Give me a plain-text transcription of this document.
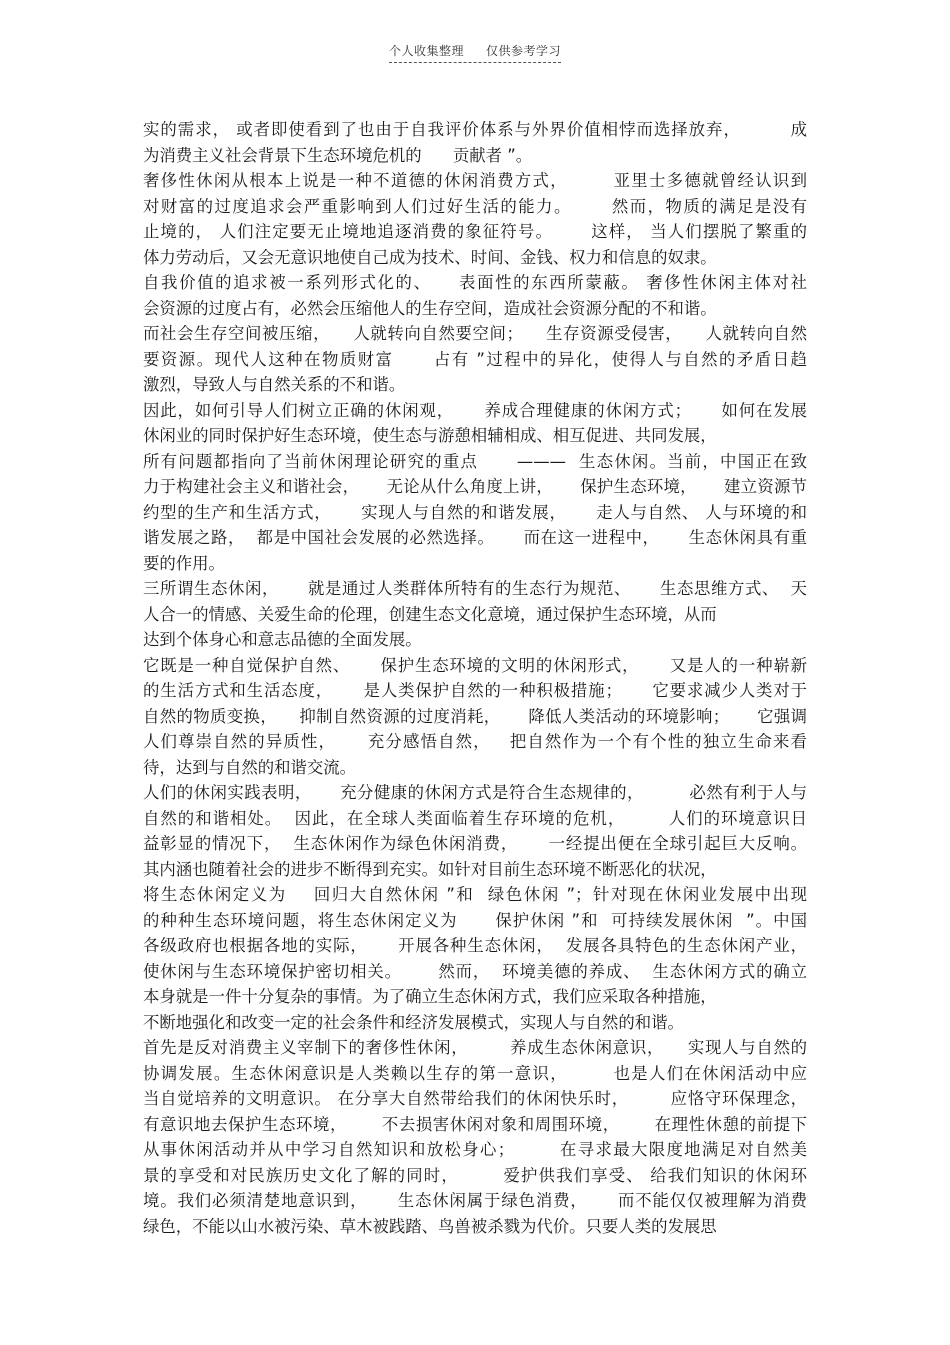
个人收集整理 仅供参考学习
实的需求， 或者即使看到了也由于自我评价体系与外界价值相悖而选择放弃，        成
为消费主义社会背景下生态环境危机的      贡献者 ”。
奢侈性休闲从根本上说是一种不道德的休闲消费方式，       亚里士多德就曾经认识到
对财富的过度追求会严重影响到人们过好生活的能力。      然而，物质的满足是没有
止境的， 人们注定要无止境地追逐消费的象征符号。      这样， 当人们摆脱了繁重的
体力劳动后，又会无意识地使自己成为技术、时间、金钱、权力和信息的奴隶。
自我价值的追求被一系列形式化的、    表面性的东西所蒙蔽。 奢侈性休闲主体对社
会资源的过度占有，必然会压缩他人的生存空间，造成社会资源分配的不和谐。
而社会生存空间被压缩，    人就转向自然要空间；    生存资源受侵害，    人就转向自然
要资源。现代人这种在物质财富      占有 ”过程中的异化，使得人与自然的矛盾日趋
激烈，导致人与自然关系的不和谐。
因此，如何引导人们树立正确的休闲观，     养成合理健康的休闲方式；     如何在发展
休闲业的同时保护好生态环境，使生态与游憩相辅相成、相互促进、共同发展，
所有问题都指向了当前休闲理论研究的重点      ———  生态休闲。当前，中国正在致
力于构建社会主义和谐社会，     无论从什么角度上讲，     保护生态环境，     建立资源节
约型的生产和生活方式，     实现人与自然的和谐发展，     走人与自然、 人与环境的和
谐发展之路，  都是中国社会发展的必然选择。     而在这一进程中，     生态休闲具有重
要的作用。
三所谓生态休闲，     就是通过人类群体所特有的生态行为规范、     生态思维方式、  天
人合一的情感、关爱生命的伦理，创建生态文化意境，通过保护生态环境，从而
达到个体身心和意志品德的全面发展。
它既是一种自觉保护自然、     保护生态环境的文明的休闲形式，     又是人的一种崭新
的生活方式和生活态度，     是人类保护自然的一种积极措施；     它要求减少人类对于
自然的物质变换，    抑制自然资源的过度消耗，     降低人类活动的环境影响；     它强调
人们尊崇自然的异质性，     充分感悟自然，   把自然作为一个有个性的独立生命来看
待，达到与自然的和谐交流。
人们的休闲实践表明，     充分健康的休闲方式是符合生态规律的，        必然有利于人与
自然的和谐相处。  因此，在全球人类面临着生存环境的危机，       人们的环境意识日
益彰显的情况下，  生态休闲作为绿色休闲消费，     一经提出便在全球引起巨大反响。
其内涵也随着社会的进步不断得到充实。如针对目前生态环境不断恶化的状况，
将生态休闲定义为    回归大自然休闲 ”和  绿色休闲 ”；针对现在休闲业发展中出现
的种种生态环境问题，将生态休闲定义为      保护休闲 ”和  可持续发展休闲  ”。中国
各级政府也根据各地的实际，     开展各种生态休闲，  发展各具特色的生态休闲产业，
使休闲与生态环境保护密切相关。      然而，  环境美德的养成、  生态休闲方式的确立
本身就是一件十分复杂的事情。为了确立生态休闲方式，我们应采取各种措施，
不断地强化和改变一定的社会条件和经济发展模式，实现人与自然的和谐。
首先是反对消费主义宰制下的奢侈性休闲，       养成生态休闲意识，    实现人与自然的
协调发展。生态休闲意识是人类赖以生存的第一意识，       也是人们在休闲活动中应
当自觉培养的文明意识。 在分享大自然带给我们的休闲快乐时，       应恪守环保理念，
有意识地去保护生态环境，      不去损害休闲对象和周围环境，      在理性休憩的前提下
从事休闲活动并从中学习自然知识和放松身心；       在寻求最大限度地满足对自然美
景的享受和对民族历史文化了解的同时，       爱护供我们享受、 给我们知识的休闲环
境。我们必须清楚地意识到，     生态休闲属于绿色消费，     而不能仅仅被理解为消费
绿色，不能以山水被污染、草木被践踏、鸟兽被杀戮为代价。只要人类的发展思
